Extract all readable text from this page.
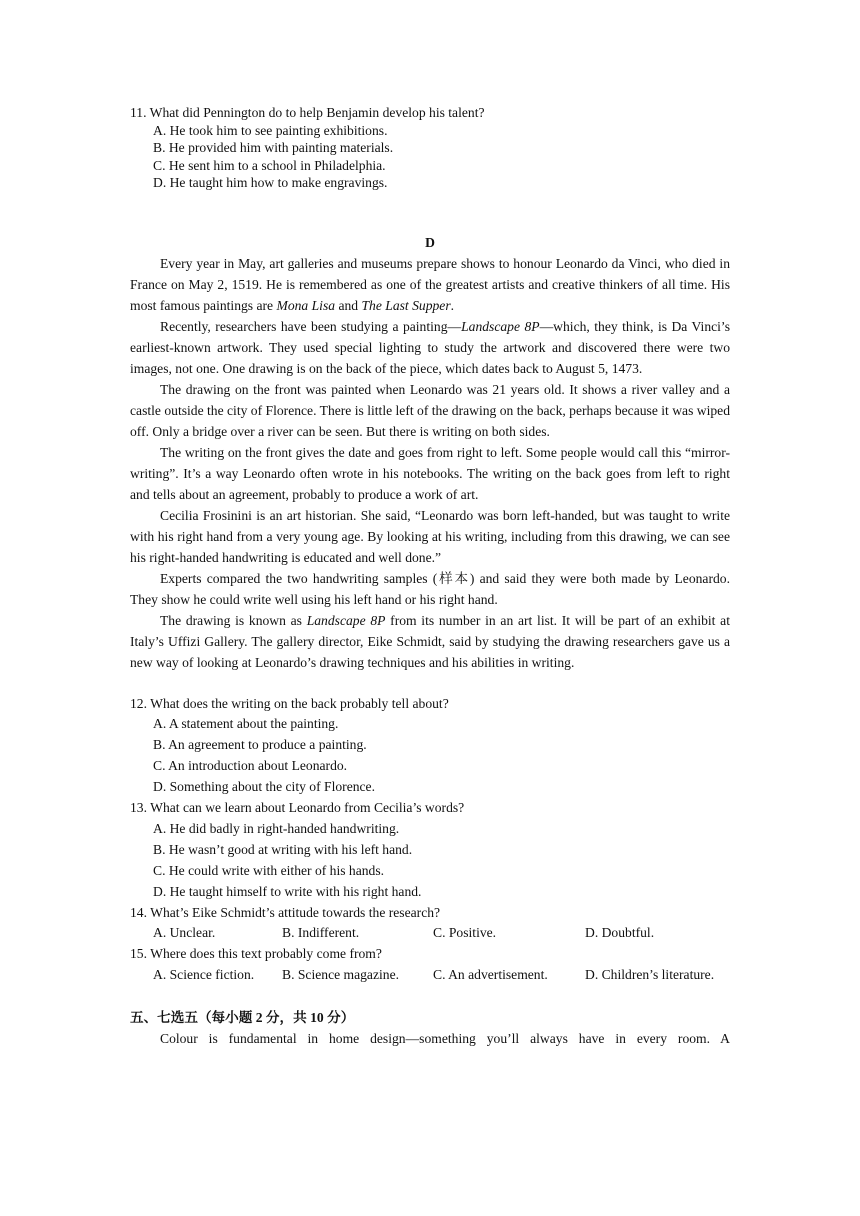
11. What did Pennington do to help Benjamin develop his talent?
A. He took him to see painting exhibitions.
B. He provided him with painting materials.
C. He sent him to a school in Philadelphia.
D. He taught him how to make engravings.
D

Every year in May, art galleries and museums prepare shows to honour Leonardo da Vinci, who died in France on May 2, 1519. He is remembered as one of the greatest artists and creative thinkers of all time. His most famous paintings are Mona Lisa and The Last Supper.

Recently, researchers have been studying a painting—Landscape 8P—which, they think, is Da Vinci’s earliest-known artwork. They used special lighting to study the artwork and discovered there were two images, not one. One drawing is on the back of the piece, which dates back to August 5, 1473.

The drawing on the front was painted when Leonardo was 21 years old. It shows a river valley and a castle outside the city of Florence. There is little left of the drawing on the back, perhaps because it was wiped off. Only a bridge over a river can be seen. But there is writing on both sides.

The writing on the front gives the date and goes from right to left. Some people would call this “mirror-writing”. It’s a way Leonardo often wrote in his notebooks. The writing on the back goes from left to right and tells about an agreement, probably to produce a work of art.

Cecilia Frosinini is an art historian. She said, “Leonardo was born left-handed, but was taught to write with his right hand from a very young age. By looking at his writing, including from this drawing, we can see his right-handed handwriting is educated and well done.”

Experts compared the two handwriting samples (样本) and said they were both made by Leonardo. They show he could write well using his left hand or his right hand.

The drawing is known as Landscape 8P from its number in an art list. It will be part of an exhibit at Italy’s Uffizi Gallery. The gallery director, Eike Schmidt, said by studying the drawing researchers gave us a new way of looking at Leonardo’s drawing techniques and his abilities in writing.

12. What does the writing on the back probably tell about?
A. A statement about the painting.
B. An agreement to produce a painting.
C. An introduction about Leonardo.
D. Something about the city of Florence.
13. What can we learn about Leonardo from Cecilia’s words?
A. He did badly in right-handed handwriting.
B. He wasn’t good at writing with his left hand.
C. He could write with either of his hands.
D. He taught himself to write with his right hand.
14. What’s Eike Schmidt’s attitude towards the research?
A. Unclear.	B. Indifferent.	C. Positive.	D. Doubtful.
15. Where does this text probably come from?
A. Science fiction.	B. Science magazine.	C. An advertisement.	D. Children’s literature.
五、七选五（每小题 2 分，共 10 分）

Colour is fundamental in home design—something you’ll always have in every room. A
